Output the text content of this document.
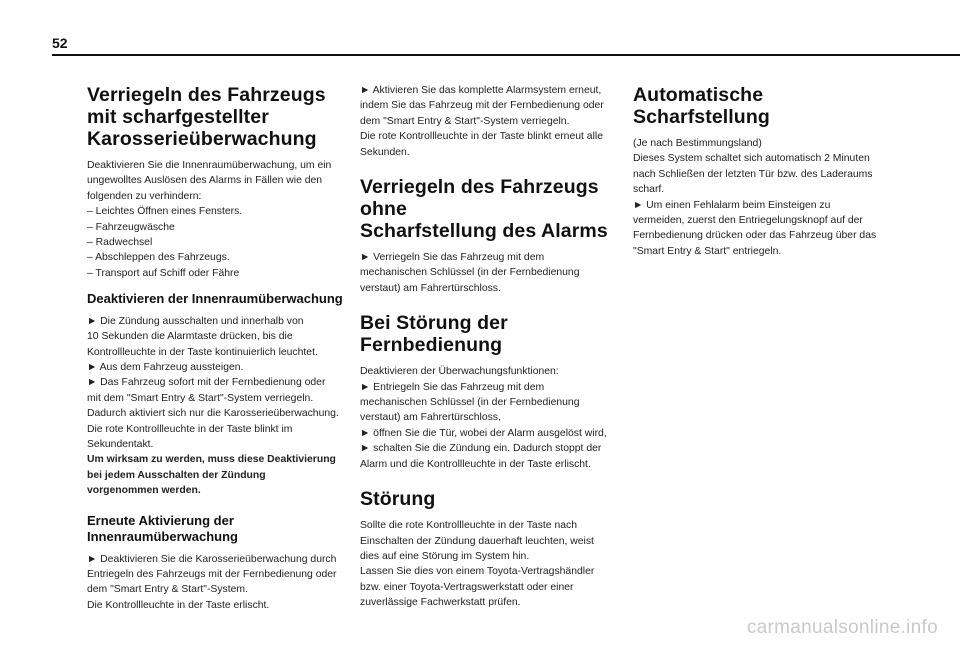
52
Verriegeln des Fahrzeugs
mit scharfgestellter
Karosserieüberwachung

Deaktivieren Sie die Innenraumüberwachung, um ein
ungewolltes Auslösen des Alarms in Fällen wie den
folgenden zu verhindern:
– Leichtes Öffnen eines Fensters.
– Fahrzeugwäsche
– Radwechsel
– Abschleppen des Fahrzeugs.
– Transport auf Schiff oder Fähre

Deaktivieren der Innenraumüberwachung

► Die Zündung ausschalten und innerhalb von
10 Sekunden die Alarmtaste drücken, bis die
Kontrollleuchte in der Taste kontinuierlich leuchtet.
► Aus dem Fahrzeug aussteigen.
► Das Fahrzeug sofort mit der Fernbedienung oder
mit dem "Smart Entry & Start"-System verriegeln.
Dadurch aktiviert sich nur die Karosserieüberwachung.
Die rote Kontrollleuchte in der Taste blinkt im
Sekundentakt.

Um wirksam zu werden, muss diese Deaktivierung
bei jedem Ausschalten der Zündung
vorgenommen werden.

Erneute Aktivierung der
Innenraumüberwachung

► Deaktivieren Sie die Karosserieüberwachung durch
Entriegeln des Fahrzeugs mit der Fernbedienung oder
dem "Smart Entry & Start"-System.
Die Kontrollleuchte in der Taste erlischt.

► Aktivieren Sie das komplette Alarmsystem erneut,
indem Sie das Fahrzeug mit der Fernbedienung oder
dem "Smart Entry & Start"-System verriegeln.
Die rote Kontrollleuchte in der Taste blinkt erneut alle
Sekunden.

Verriegeln des Fahrzeugs ohne
Scharfstellung des Alarms

► Verriegeln Sie das Fahrzeug mit dem
mechanischen Schlüssel (in der Fernbedienung
verstaut) am Fahrertürschloss.

Bei Störung der Fernbedienung

Deaktivieren der Überwachungsfunktionen:
► Entriegeln Sie das Fahrzeug mit dem
mechanischen Schlüssel (in der Fernbedienung
verstaut) am Fahrertürschloss,
► öffnen Sie die Tür, wobei der Alarm ausgelöst wird,
► schalten Sie die Zündung ein. Dadurch stoppt der
Alarm und die Kontrollleuchte in der Taste erlischt.

Störung

Sollte die rote Kontrollleuchte in der Taste nach
Einschalten der Zündung dauerhaft leuchten, weist
dies auf eine Störung im System hin.
Lassen Sie dies von einem Toyota-Vertragshändler
bzw. einer Toyota-Vertragswerkstatt oder einer
zuverlässige Fachwerkstatt prüfen.

Automatische Scharfstellung

(Je nach Bestimmungsland)
Dieses System schaltet sich automatisch 2 Minuten
nach Schließen der letzten Tür bzw. des Laderaums
scharf.
► Um einen Fehlalarm beim Einsteigen zu
vermeiden, zuerst den Entriegelungsknopf auf der
Fernbedienung drücken oder das Fahrzeug über das
"Smart Entry & Start" entriegeln.

carmanualsonline.info
